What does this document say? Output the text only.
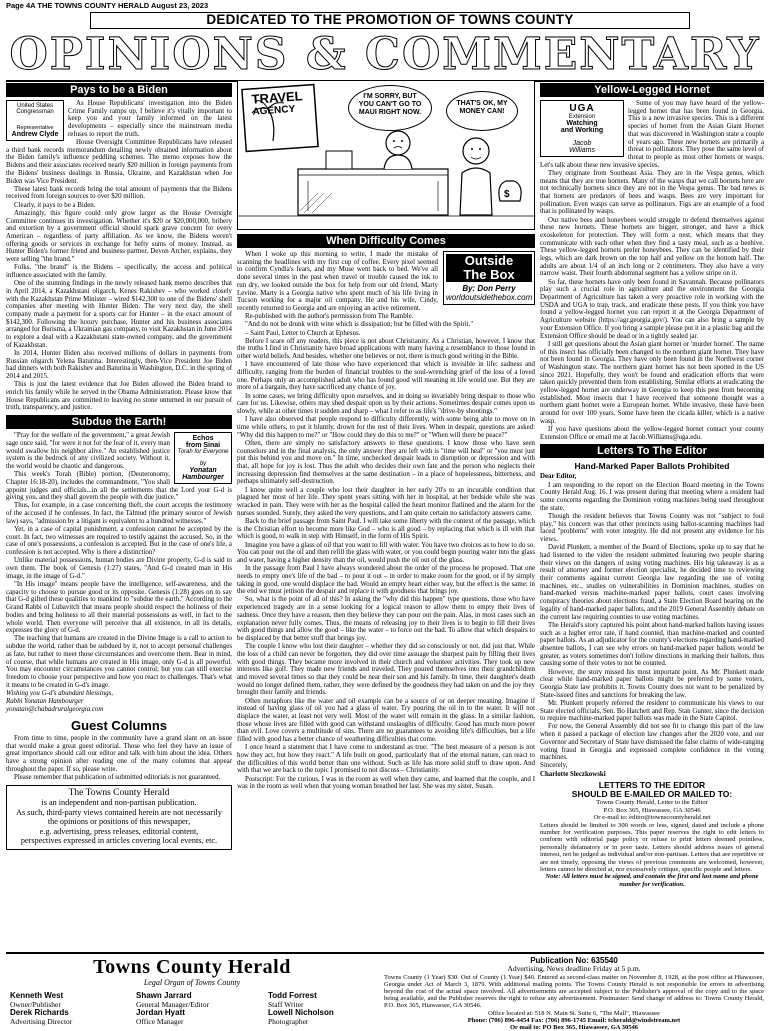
Page 4A THE TOWNS COUNTY HERALD August 23, 2023
DEDICATED TO THE PROMOTION OF TOWNS COUNTY
OPINIONS & COMMENTARY
Pays to be a Biden
United States
Congressman
Representative
Andrew Clyde

As House Republicans' investigation into the Biden Crime Family ramps up, I believe it's vitally important to keep you and your family informed on the latest developments – especially since the mainstream media refuses to report the truth.

House Oversight Committee Republicans have released a third bank records memorandum detailing newly obtained information about the Biden family's influence peddling schemes. The memo exposes how the Bidens and their associates received nearly $20 million in foreign payments from the Bidens' business dealings in Russia, Ukraine, and Kazakhstan when Joe Biden was Vice President.

These latest bank records bring the total amount of payments that the Bidens received from foreign sources to over $20 million.

Clearly, it pays to be a Biden.

Amazingly, this figure could only grow larger as the House Oversight Committee continues its investigation. Whether it's $20 or $20,000,000, bribery and extortion by a government official should spark grave concern for every American – regardless of party affiliation. As we know, the Bidens weren't offering goods or services in exchange for hefty sums of money. Instead, as Hunter Biden's former friend and business partner, Devon Archer, explains, they were selling "the brand."

Folks, "the brand" is the Bidens – specifically, the access and political influence associated with the family.

One of the stunning findings in the newly released bank memo describes that in April 2014, a Kazakhstani oligarch, Kenes Rakishev – who worked closely with the Kazakhstan Prime Minister – wired $142,300 to one of the Bidens' shell companies after meeting with Hunter Biden. The very next day, the shell company made a payment for a sports car for Hunter – in the exact amount of $142,300. Following the luxury purchase, Hunter and his business associates arranged for Burisma, a Ukrainian gas company, to visit Kazakhstan in June 2014 to explore a deal with a Kazakhstani state-owned company, and the government of Kazakhstan.

In 2014, Hunter Biden also received millions of dollars in payments from Russian oligarch Yelena Baturina. Interestingly, then-Vice President Joe Biden had dinners with both Rakishev and Baturina in Washington, D.C. in the spring of 2014 and 2015.

This is just the latest evidence that Joe Biden allowed the Biden brand to enrich his family while he served in the Obama Administration. Please know that House Republicans are committed to leaving no stone unturned in our pursuit of truth, transparency, and justice.

Subdue the Earth!
Echos
from Sinai
Torah for Everyone
by
Yonatan Hambourger

"Pray for the welfare of the government," a great Jewish sage once said, "for were it not for the fear of it, every man would swallow his neighbor alive." An established justice system is the bedrock of any civilized society. Without it, the world would be chaotic and dangerous.

This week's Torah (Bible) portion, (Deuteronomy, Chapter 16:18-20), includes the commandment, "You shall appoint judges and officials...in all the settlements that the Lord your G-d is giving you, and they shall govern the people with due justice."

Thus, for example, in a case concerning theft, the court accepts the testimony of the accused if he confesses. In fact, the Talmud (the primary source of Jewish law) says, "admission by a litigant is equivalent to a hundred witnesses."

Yet, in a case of capital punishment, a confession cannot be accepted by the court. In fact, two witnesses are required to testify against the accused. So, in the case of one's possessions, a confession is accepted. But in the case of one's life, a confession is not accepted. Why is there a distinction?

Unlike material possessions, human bodies are Divine property, G-d is said to own them. The book of Genesis (1:27) states, "And G-d created man in His image, in the image of G-d."

"In His image" means people have the intelligence, self-awareness, and the capacity to choose to pursue good or its opposite. Genesis (1:28) goes on to say that G-d gifted these qualities to mankind to "subdue the earth." According to the Grand Rabbi of Lubavitch that means people should respect the holiness of their bodies and bring holiness to all their material possessions as well, in fact to the whole world. Then everyone will perceive that all existence, in all its details, expresses the glory of G-d.

The teaching that humans are created in the Divine Image is a call to action to subdue the world, rather than be subdued by it, not to accept personal challenges as fate, but rather to meet those circumstances and overcome them. Bear in mind, of course, that while humans are created in His image, only G-d is all powerful. You may encounter circumstances you cannot control; but you can still exercise freedom to choose your perspective and how you react to challenges. That's what it means to be created in G-d's image.

Wishing you G-d's abundant blessings,

Rabbi Yonatan Hambourger

yonatan@chabadruralgeorgia.com

Guest Columns

From time to time, people in the community have a grand slant on an issue that would make a great guest editorial. Those who feel they have an issue of great importance should call our editor and talk with him about the idea. Others have a strong opinion after reading one of the many columns that appear throughout the paper. If so, please write.

Please remember that publication of submitted editorials is not guaranteed.

The Towns County Herald
is an independent and non-partisan publication.
As such, third-party views contained herein are not necessarily the opinions or positions of this newspaper,
e.g. advertising, press releases, editorial content,
perspectives expressed in articles covering local events, etc.
$
TRAVEL
AGENCY
I'M SORRY, BUT YOU CAN'T GO TO MAUI RIGHT NOW.
THAT'S OK, MY MONEY CAN!
When Difficulty Comes
Outside
The Box
By: Don Perry
worldoutsidethebox.com

When I woke up this morning to write, I made the mistake of scanning the headlines with my first cup of coffee. Every pixel seemed to confirm Cyndia's fears, and my Muse went back to bed. We've all done several times in the past when travel or trouble caused the ink to run dry, we looked outside the box for help from our old friend, Marty Levine. Marty is a Georgia native who spent much of his life living in Tucson working for a major oil company. He and his wife, Cindy, recently returned to Georgia and are enjoying an active retirement.

Re-published with the author's permission from The Ramble.

"And do not be drunk with wine which is dissipation; but be filled with the Spirit."

– Saint Paul, Letter to Church at Ephesus.

Before I scare off any readers, this piece is not about Christianity. As a Christian, however, I know that the truths I find in Christianity have broad applications with many having a resemblance to those found in other world beliefs. And besides, whether one believes or not, there is much good writing in the Bible.

I have encountered of late those who have experienced that which is invisible in life: sadness and difficulty, ranging from the burden of financial troubles to the soul-wrenching grief of the loss of a loved one. Perhaps only an accomplished adult who has found good will meaning in life would use. But they are more of a bargain, they have sacrificed any chance of joy.

In some cases, we bring difficulty upon ourselves, and in doing so invariably bring despair to those who care for us. Likewise, others may shed despair upon us by their actions. Sometimes despair comes upon us slowly, while at other times it sudden and sharp – what I refer to as life's "drive-by shootings."

I have also observed that people respond to difficulty differently, with some being able to move on in time while others, to put it bluntly, drown for the rest of their lives. When in despair, questions are asked: "Why did this happen to me?" or "How could they do this to me?" or "When will there be peace?"

Often, there are simply no satisfactory answers to these questions. I know those who have seen counselors and in the final analysis, the only answer they are left with is "time will heal" or "you must just put this behind you and move on." In time, unchecked despair leads to disruption or depression and with that, all hope for joy is lost. Thus the adult who decides their own fate and the person who neglects their increasing depression find themselves at the same destination – in a place of hopelessness, bitterness, and perhaps ultimately self-destruction.

I know quite well a couple who lost their daughter in her early 20's to an incurable condition that plagued her most of her life. They spent years sitting with her in hospital, at her bedside while she was wracked in pain. They were with her as the hospital called the heart monitor flatlined and the alarm for the nurses sounded. Surely, they asked the very questions, and I am quite certain no satisfactory answers came.

Back to the brief passage from Saint Paul. I will take some liberty with the context of the passage, which is the Christian effort to become more like God – who is all good – by replacing that which is ill with that which is good, to walk in step with Himself, in the form of His Spirit.

Imagine you have a glass of oil that you want to fill with water. You have two choices as to how to do so. You can pour out the oil and then refill the glass with water, or you could begin pouring water into the glass and water, having a higher density than the oil, would push the oil out of the glass.

In the passage from Paul I have always wondered about the order of the process he proposed. That one needs to empty one's life of the bad – to pour it out – in order to make room for the good, or if by simply taking in good, one would displace the bad. Would an empty heart either way, but the effect is the same: in the end we must jettison the despair and replace it with goodness that brings joy.

So, what is the point of all of this? In asking the "why did this happen" type questions, those who have experienced tragedy are in a sense looking for a logical reason to allow them to empty their lives of sadness. Once they have a reason, then they believe they can pour out the pain. Alas, in most cases such an explanation never fully comes. Thus, the means of releasing joy to their lives is to begin to fill their lives with good things and allow the good – like the water – to force out the bad. To allow that which despairs to be displaced by that better stuff that brings joy.

The couple I know who lost their daughter – whether they did so consciously or not, did just that. While the loss of a child can never be forgotten, they did over time assuage the sharpest pain by filling their lives with good things. They became more involved in their church and volunteer activities. They took up new interests like golf. They made new friends and traveled. They poured themselves into their grandchildren and moved several times so that they could be near their son and his family. In time, their daughter's death would no longer defined them, rather, they were defined by the goodness they had taken on and the joy they brought their family and friends.

Often metaphors like the water and oil example can be a source of or on deeper meaning. Imagine if instead of having glass of oil you had a glass of water. Try pouring the oil in to the water. It will not displace the water, at least not very well. Most of the water will remain in the glass. In a similar fashion, those whose lives are filled with good can withstand onslaughts of difficulty. Good has much more power than evil. Love covers a multitude of sins. There are no guarantees to avoiding life's difficulties, but a life filled with good has a better chance of weathering difficulties that come.

I once heard a statement that I have come to understand as true: "The best measure of a person is not how they act, but how they react." A life built on good, particularly that of the eternal nature, can react to the difficulties of this world better than one without. Such as life has more solid stuff to draw upon. And with that we are back to the topic I promised to not discuss – Christianity.

Postscript: For the curious, I was in the room as well when they came, and learned that the couple, and I was in the room as well when that young woman breathed her last. She was my sister, Susan.

Yellow-Legged Hornet
UGA
Extension
Watching
and Working
Jacob
Williams

Some of you may have heard of the yellow-legged hornet that has been found in Georgia. This is a new invasive species. This is a different species of hornet from the Asian Giant Hornet that was discovered in Washington state a couple of years ago. These new hornets are primarily a threat to pollinators. They pose the same level of threat to people as most other hornets or wasps. Let's talk about these new invasive species.

They originate from Southeast Asia. They are in the Vespa genus, which means that they are true hornets. Many of the wasps that we call hornets here are not technically hornets since they are not in the Vespa genus. The bad news is that hornets are predators of bees and wasps. Bees are very important for pollination. Even wasps can serve as pollinators. Figs are an example of a food that is pollinated by wasps.

Our native bees and honeybees would struggle to defend themselves against these new hornets. These hornets are bigger, stronger, and have a thick exoskeleton for protection. They will form a nest, which means that they communicate with each other when they find a tasty meal, such as a beehive. These yellow-legged hornets prefer honeybees. They can be identified by their legs, which are dark brown on the top half and yellow on the bottom half. The adults are about 1/4 of an inch long or 2 centimeters. They also have a very narrow waist. Their fourth abdominal segment has a yellow stripe on it.

So far, these hornets have only been found in Savannah. Because pollinators play such a crucial role in agriculture and the environment the Georgia Department of Agriculture has taken a very proactive role in working with the USDA and UGA to trap, track, and eradicate these pests. If you think you have found a yellow-legged hornet you can report it at the Georgia Department of Agriculture website (https://agr.georgia.gov/). You can also bring a sample by your Extension Office. If you bring a sample please put it in a plastic bag and the Extension Office should be dead or in a tightly sealed jar.

I still get questions about the Asian giant hornet or 'murder hornet'. The name of this insect has officially been changed to the northern giant hornet. They have not been found in Georgia. They have only been found in the Northwest corner of Washington state. The northern giant hornet has not been spotted in the US since 2021. Hopefully, they won't be found and eradication efforts that were taken quickly prevented them from establishing. Similar efforts at eradicating the yellow-legged hornet are underway in Georgia to keep this pest from becoming established. Most insects that I have received that someone thought was a northern giant hornet were a European hornet. While invasive, these have been around for over 100 years. Some have been the cicada killer, which is a native wasp.

If you have questions about the yellow-legged hornet contact your county Extension Office or email me at Jacob.Williams@uga.edu.

Letters To The Editor
Hand-Marked Paper Ballots Prohibited

Dear Editor,

I am responding to the report on the Election Board meeting in the Towns County Herald Aug. 16. I was present during that meeting where a resident had some concerns regarding the Dominion voting machines being used throughout the state.

Though the resident believes that Towns County was not "subject to foul play," his concern was that other precincts using ballot-scanning machines had faced "problems" with voter integrity. He did not present any evidence for his views.

David Plunkett, a member of the Board of Elections, spoke up to say that he had listened to the video the resident submitted featuring two people sharing their views on the dangers of using voting machines. His big takeaway is as a result of attorney and former election specialist, he decided time to reviewing their comments against current Georgia law regarding the use of voting machines, etc., studies on vulnerabilities in Dominion machines, studies on hand-marked versus machine-marked paper ballots, court cases involving conspiracy theories about elections fraud, a State Election Board hearing on the legality of hand-marked paper ballots, and the 2019 General Assembly debate on the current law requiring counties to use voting machines.

The Herald's story captured his point about hand-marked ballots having issues such as a higher error rate, if hand counted, than machine-marked and counted paper ballots. As an adjudicator for the county's elections regarding hand-marked absentee ballots, I can see why errors on hand-marked paper ballots would be greater, as voters sometimes don't follow directions in marking their ballots, thus causing some of their votes to not be counted.

However, the story missed his most important point. As Mr. Plunkett made clear while hand-marked paper ballots might be preferred by some voters, Georgia State law prohibits it. Towns County does not want to be penalized by State-issued fines and sanctions for breaking the law.

Mr. Plunkett properly referred the resident to communicate his views to our State elected officials, Sen. Bo Hatchett and Rep. Stan Gunter, since the decision to require machine-marked paper ballots was made in the State Capitol.

For now, the General Assembly did not see fit to change this part of the law when it passed a package of election law changes after the 2020 vote, and our Governor and Secretary of State have dismissed the false claims of wide-ranging voting fraud in Georgia and expressed complete confidence in the voting machines.

Sincerely,

Charlotte Sleczkowski

LETTERS TO THE EDITOR
SHOULD BE E-MAILED OR MAILED TO:
Towns County Herald, Letter to the Editor
P.O. Box 365, Hiawassee, GA 30546
Or e-mail to: editor@townscountyherald.net
Letters should be limited to 300 words or less, signed, dated and include a phone number for verification purposes. This paper reserves the right to edit letters to conform with editorial page policy or refuse to print letters deemed pointless, personally defamatory or in poor taste. Letters should address issues of general interest, not be judged as individual and/or non-partisan. Letters that are repetitive or are not timely, opposing the views of previous comments are welcomed, however, letters cannot be directed at, nor excessively critique, specific people and letters.
Note: All letters must be signed, and contain the first and last name and phone number for verification.
Towns County Herald
Legal Organ of Towns County
Kenneth West
Owner/Publisher
Derek Richards
Advertising Director
Shawn Jarrard
General Manager/Editor
Jordan Hyatt
Office Manager
Todd Forrest
Staff Writer
Lowell Nicholson
Photographer
Publication No: 635540
Advertising, News deadline Friday at 5 p.m.
Towns County (1 Year) $30. Out of County (1 Year) $40. Entered as second-class matter on November 8, 1928, at the post office at Hiawassee, Georgia under Act of March 3, 1879. With additional mailing points. The Towns County Herald is not responsible for errors in advertising beyond the cost of the actual space involved. All advertisements are accepted subject to the Publisher's approval of the copy and to the space being available, and the Publisher reserves the right to refuse any advertisement. Postmaster: Send change of address to: Towns County Herald, P.O. Box 365, Hiawassee, GA 30546.
Office located at: 518 N. Main St. Suite 6, "The Mall", Hiawassee
Phone: (706) 896-4454 Fax: (706) 896-1745 Email: tcherald@windstream.net
Or mail to: PO Box 365, Hiawassee, GA 30546
